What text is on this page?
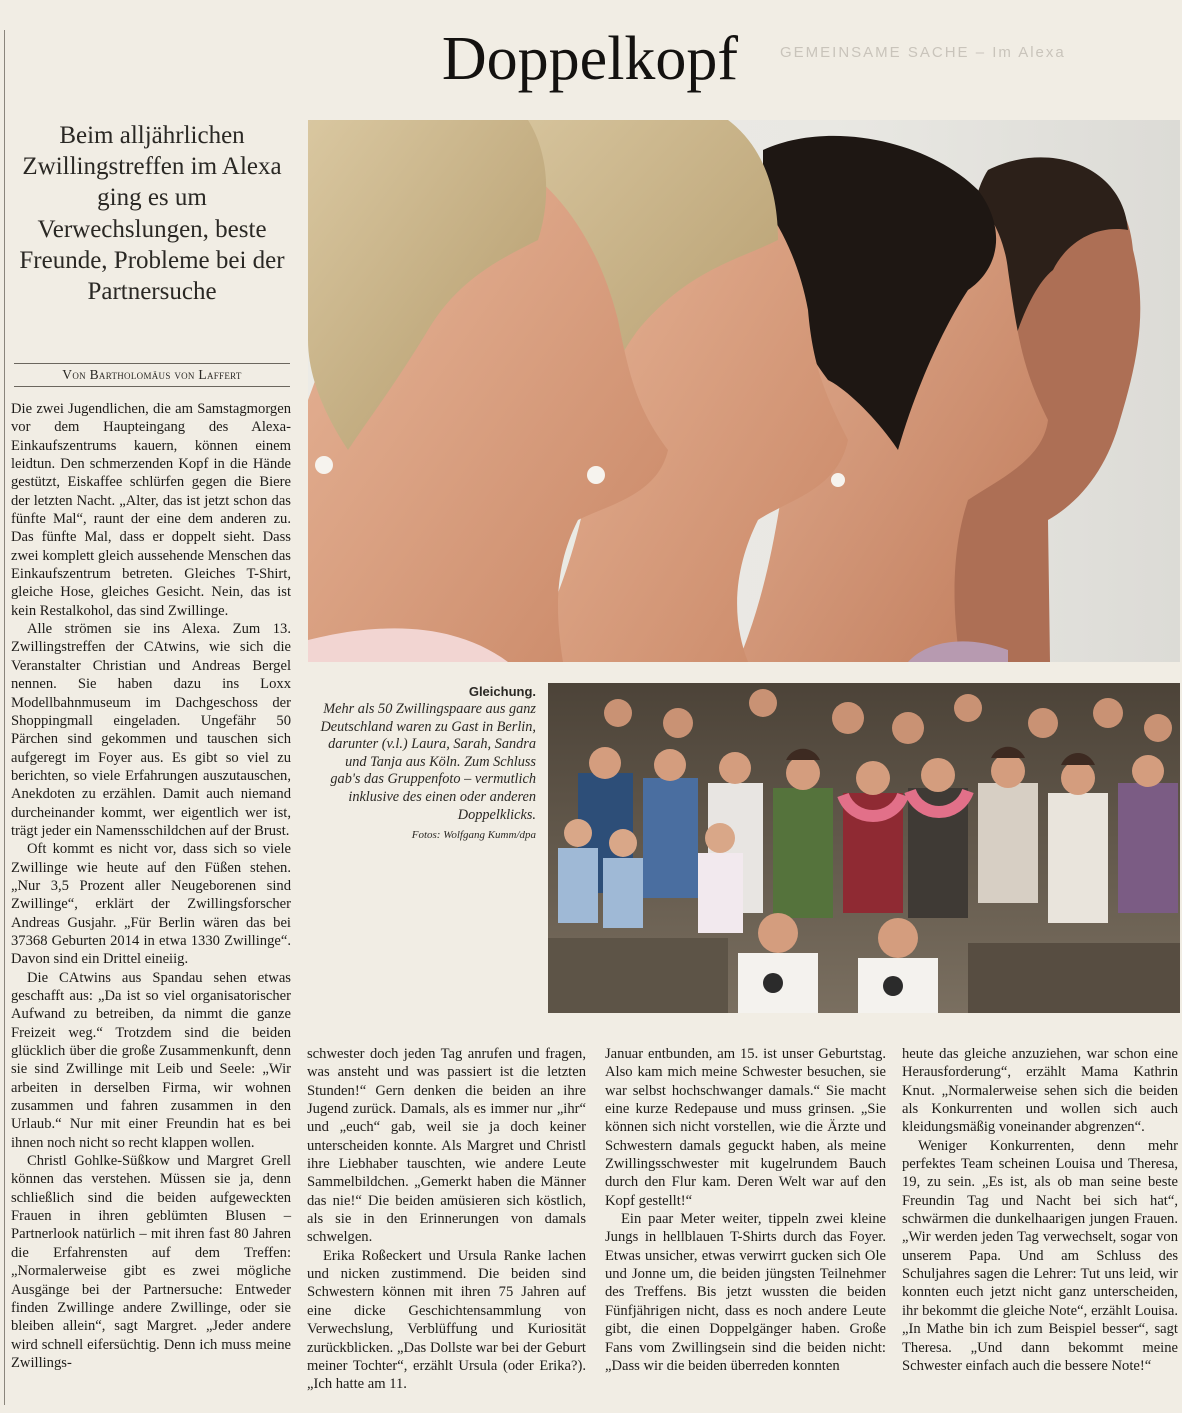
GEMEINSAME SACHE – Im Alexa
Doppelkopf
Beim alljährlichen Zwillingstreffen im Alexa ging es um Verwechslungen, beste Freunde, Probleme bei der Partnersuche
Von Bartholomäus von Laffert
Gleichung.
Mehr als 50 Zwillingspaare aus ganz Deutschland waren zu Gast in Berlin, darunter (v.l.) Laura, Sarah, Sandra und Tanja aus Köln. Zum Schluss gab's das Gruppenfoto – vermutlich inklusive des einen oder anderen Doppelklicks.
Fotos: Wolfgang Kumm/dpa

Die zwei Jugendlichen, die am Samstagmorgen vor dem Haupteingang des Alexa-Einkaufszentrums kauern, können einem leidtun. Den schmerzenden Kopf in die Hände gestützt, Eiskaffee schlürfen gegen die Biere der letzten Nacht. „Alter, das ist jetzt schon das fünfte Mal“, raunt der eine dem anderen zu. Das fünfte Mal, dass er doppelt sieht. Dass zwei komplett gleich aussehende Menschen das Einkaufszentrum betreten. Gleiches T-Shirt, gleiche Hose, gleiches Gesicht. Nein, das ist kein Restalkohol, das sind Zwillinge.

Alle strömen sie ins Alexa. Zum 13. Zwillingstreffen der CAtwins, wie sich die Veranstalter Christian und Andreas Bergel nennen. Sie haben dazu ins Loxx Modellbahnmuseum im Dachgeschoss der Shoppingmall eingeladen. Ungefähr 50 Pärchen sind gekommen und tauschen sich aufgeregt im Foyer aus. Es gibt so viel zu berichten, so viele Erfahrungen auszutauschen, Anekdoten zu erzählen. Damit auch niemand durcheinander kommt, wer eigentlich wer ist, trägt jeder ein Namensschildchen auf der Brust.

Oft kommt es nicht vor, dass sich so viele Zwillinge wie heute auf den Füßen stehen. „Nur 3,5 Prozent aller Neugeborenen sind Zwillinge“, erklärt der Zwillingsforscher Andreas Gusjahr. „Für Berlin wären das bei 37368 Geburten 2014 in etwa 1330 Zwillinge“. Davon sind ein Drittel eineiig.

Die CAtwins aus Spandau sehen etwas geschafft aus: „Da ist so viel organisatorischer Aufwand zu betreiben, da nimmt die ganze Freizeit weg.“ Trotzdem sind die beiden glücklich über die große Zusammenkunft, denn sie sind Zwillinge mit Leib und Seele: „Wir arbeiten in derselben Firma, wir wohnen zusammen und fahren zusammen in den Urlaub.“ Nur mit einer Freundin hat es bei ihnen noch nicht so recht klappen wollen.

Christl Gohlke-Süßkow und Margret Grell können das verstehen. Müssen sie ja, denn schließlich sind die beiden aufgeweckten Frauen in ihren geblümten Blusen – Partnerlook natürlich – mit ihren fast 80 Jahren die Erfahrensten auf dem Treffen: „Normalerweise gibt es zwei mögliche Ausgänge bei der Partnersuche: Entweder finden Zwillinge andere Zwillinge, oder sie bleiben allein“, sagt Margret. „Jeder andere wird schnell eifersüchtig. Denn ich muss meine Zwillings-

schwester doch jeden Tag anrufen und fragen, was ansteht und was passiert ist die letzten Stunden!“ Gern denken die beiden an ihre Jugend zurück. Damals, als es immer nur „ihr“ und „euch“ gab, weil sie ja doch keiner unterscheiden konnte. Als Margret und Christl ihre Liebhaber tauschten, wie andere Leute Sammelbildchen. „Gemerkt haben die Männer das nie!“ Die beiden amüsieren sich köstlich, als sie in den Erinnerungen von damals schwelgen.

Erika Roßeckert und Ursula Ranke lachen und nicken zustimmend. Die beiden sind Schwestern können mit ihren 75 Jahren auf eine dicke Geschichtensammlung von Verwechslung, Verblüffung und Kuriosität zurückblicken. „Das Dollste war bei der Geburt meiner Tochter“, erzählt Ursula (oder Erika?). „Ich hatte am 11.

Januar entbunden, am 15. ist unser Geburtstag. Also kam mich meine Schwester besuchen, sie war selbst hochschwanger damals.“ Sie macht eine kurze Redepause und muss grinsen. „Sie können sich nicht vorstellen, wie die Ärzte und Schwestern damals geguckt haben, als meine Zwillingsschwester mit kugelrundem Bauch durch den Flur kam. Deren Welt war auf den Kopf gestellt!“

Ein paar Meter weiter, tippeln zwei kleine Jungs in hellblauen T-Shirts durch das Foyer. Etwas unsicher, etwas verwirrt gucken sich Ole und Jonne um, die beiden jüngsten Teilnehmer des Treffens. Bis jetzt wussten die beiden Fünfjährigen nicht, dass es noch andere Leute gibt, die einen Doppelgänger haben. Große Fans vom Zwillingsein sind die beiden nicht: „Dass wir die beiden überreden konnten

heute das gleiche anzuziehen, war schon eine Herausforderung“, erzählt Mama Kathrin Knut. „Normalerweise sehen sich die beiden als Konkurrenten und wollen sich auch kleidungsmäßig voneinander abgrenzen“.

Weniger Konkurrenten, denn mehr perfektes Team scheinen Louisa und Theresa, 19, zu sein. „Es ist, als ob man seine beste Freundin Tag und Nacht bei sich hat“, schwärmen die dunkelhaarigen jungen Frauen. „Wir werden jeden Tag verwechselt, sogar von unserem Papa. Und am Schluss des Schuljahres sagen die Lehrer: Tut uns leid, wir konnten euch jetzt nicht ganz unterscheiden, ihr bekommt die gleiche Note“, erzählt Louisa. „In Mathe bin ich zum Beispiel besser“, sagt Theresa. „Und dann bekommt meine Schwester einfach auch die bessere Note!“
